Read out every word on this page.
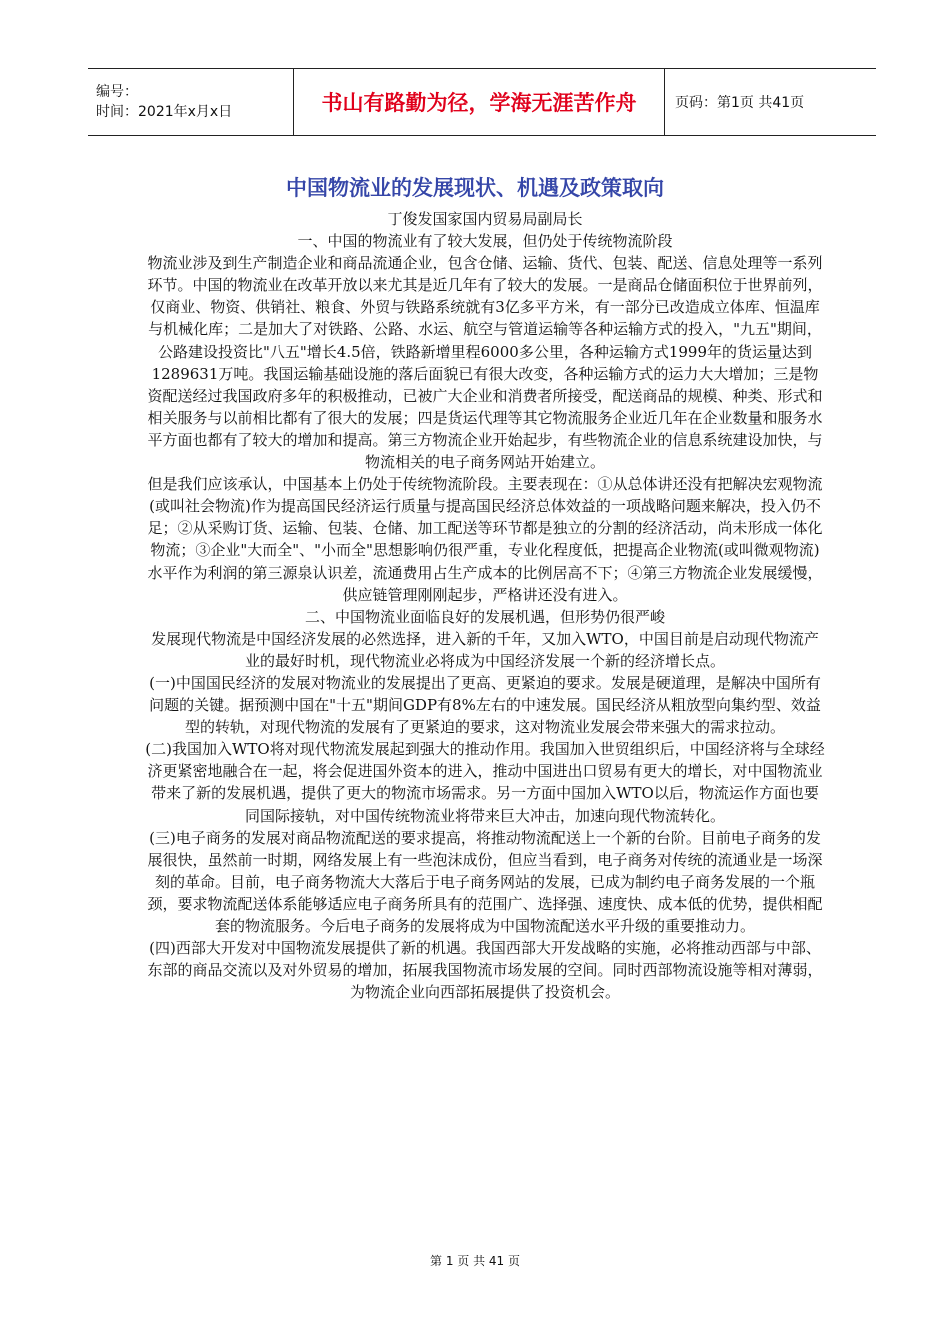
编号：
时间：2021年x月x日	书山有路勤为径，学海无涯苦作舟	页码：第1页 共41页
中国物流业的发展现状、机遇及政策取向

丁俊发国家国内贸易局副局长

一、中国的物流业有了较大发展，但仍处于传统物流阶段

物流业涉及到生产制造企业和商品流通企业，包含仓储、运输、货代、包装、配送、信息处理等一系列环节。中国的物流业在改革开放以来尤其是近几年有了较大的发展。一是商品仓储面积位于世界前列，仅商业、物资、供销社、粮食、外贸与铁路系统就有3亿多平方米，有一部分已改造成立体库、恒温库与机械化库；二是加大了对铁路、公路、水运、航空与管道运输等各种运输方式的投入，"九五"期间，公路建设投资比"八五"增长4.5倍，铁路新增里程6000多公里，各种运输方式1999年的货运量达到1289631万吨。我国运输基础设施的落后面貌已有很大改变，各种运输方式的运力大大增加；三是物资配送经过我国政府多年的积极推动，已被广大企业和消费者所接受，配送商品的规模、种类、形式和相关服务与以前相比都有了很大的发展；四是货运代理等其它物流服务企业近几年在企业数量和服务水平方面也都有了较大的增加和提高。第三方物流企业开始起步，有些物流企业的信息系统建设加快，与物流相关的电子商务网站开始建立。

但是我们应该承认，中国基本上仍处于传统物流阶段。主要表现在：①从总体讲还没有把解决宏观物流(或叫社会物流)作为提高国民经济运行质量与提高国民经济总体效益的一项战略问题来解决，投入仍不足；②从采购订货、运输、包装、仓储、加工配送等环节都是独立的分割的经济活动，尚未形成一体化物流；③企业"大而全"、"小而全"思想影响仍很严重，专业化程度低，把提高企业物流(或叫微观物流)水平作为利润的第三源泉认识差，流通费用占生产成本的比例居高不下；④第三方物流企业发展缓慢，供应链管理刚刚起步，严格讲还没有进入。

二、中国物流业面临良好的发展机遇，但形势仍很严峻

发展现代物流是中国经济发展的必然选择，进入新的千年，又加入WTO，中国目前是启动现代物流产业的最好时机，现代物流业必将成为中国经济发展一个新的经济增长点。

(一)中国国民经济的发展对物流业的发展提出了更高、更紧迫的要求。发展是硬道理，是解决中国所有问题的关键。据预测中国在"十五"期间GDP有8%左右的中速发展。国民经济从粗放型向集约型、效益型的转轨，对现代物流的发展有了更紧迫的要求，这对物流业发展会带来强大的需求拉动。

(二)我国加入WTO将对现代物流发展起到强大的推动作用。我国加入世贸组织后，中国经济将与全球经济更紧密地融合在一起，将会促进国外资本的进入，推动中国进出口贸易有更大的增长，对中国物流业带来了新的发展机遇，提供了更大的物流市场需求。另一方面中国加入WTO以后，物流运作方面也要同国际接轨，对中国传统物流业将带来巨大冲击，加速向现代物流转化。

(三)电子商务的发展对商品物流配送的要求提高，将推动物流配送上一个新的台阶。目前电子商务的发展很快，虽然前一时期，网络发展上有一些泡沫成份，但应当看到，电子商务对传统的流通业是一场深刻的革命。目前，电子商务物流大大落后于电子商务网站的发展，已成为制约电子商务发展的一个瓶颈，要求物流配送体系能够适应电子商务所具有的范围广、选择强、速度快、成本低的优势，提供相配套的物流服务。今后电子商务的发展将成为中国物流配送水平升级的重要推动力。

(四)西部大开发对中国物流发展提供了新的机遇。我国西部大开发战略的实施，必将推动西部与中部、东部的商品交流以及对外贸易的增加，拓展我国物流市场发展的空间。同时西部物流设施等相对薄弱，为物流企业向西部拓展提供了投资机会。

第 1 页 共 41 页
